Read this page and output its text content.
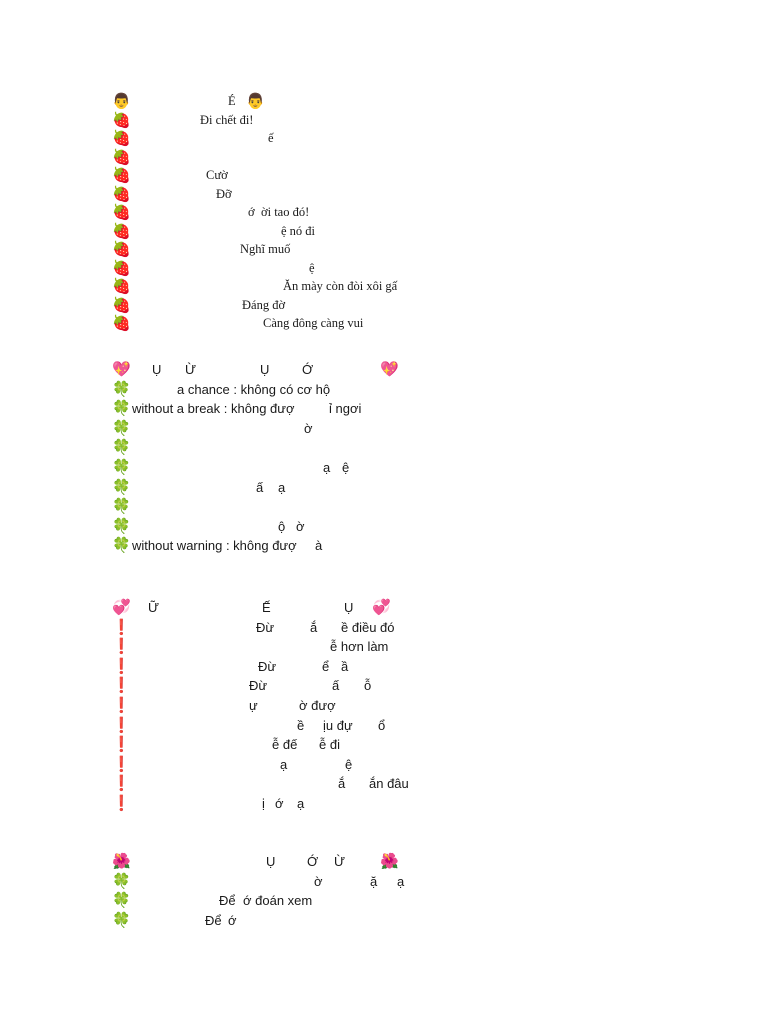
👨	É 👨
🍓	Đi chết đi!
🍓	ế
🍓
🍓	Cườ
🍓	Đỡ
🍓	ớ ời tao đó!
🍓	ệ nó đi
🍓	Nghĩ muố
🍓	ệ
🍓	Ăn mày còn đòi xôi gấ
🍓	Đáng đờ
🍓	Càng đông càng vui
💖 Ụ Ừ	Ụ	Ớ	💖
🍀	a chance : không có cơ hộ
🍀 without a break : không đượ	ỉ ngơi
🍀	ờ
🍀
🍀	ạ ệ
🍀	ấ ạ
🍀
🍀	ộ ờ
🍀 without warning : không đượ à
💞 Ữ	Ế	Ụ 💞
❗	Đừ	ắ ề điều đó
❗	ễ hơn làm
❗	Đừ	ể ầ
❗	Đừ	ấ ỗ
❗	ự	ờ đượ
❗	ề ịu đự ổ
❗	ễ đế ễ đi
❗	ạ	ệ
❗	ắ ắn đâu
❗	ị ớ ạ
🌺	Ụ Ớ Ừ 🌺
🍀	ờ	ặ ạ
🍀	Để ớ đoán xem
🍀	Để ớ
